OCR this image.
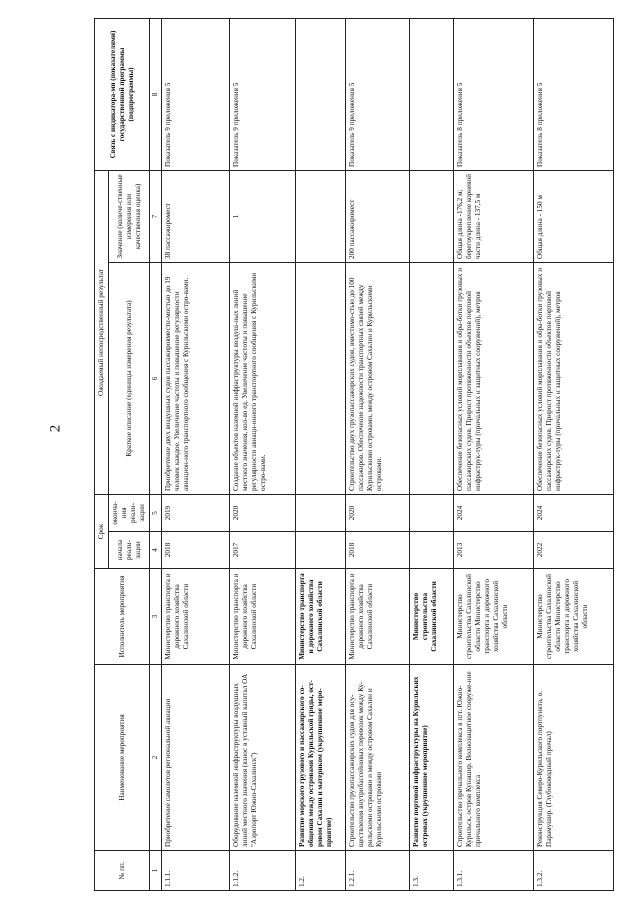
2
№ пп.	Наименование мероприятия	Исполнитель мероприятия	Срок		Ожидаемый непосредственный результат		Связь с индикатора-ми (показателями) государственной программы (подпрограммы)
			начала реали-зации	оконча-ния реали-зации	Краткое описание (единицы измерения результата)	Значение (количе-ственные измерения или качественная оценка)	
1	2	3	4	5	6	7	8
1.1.1.	Приобретение самолетов региональной авиации	Министерство транспорта и дорожного хозяйства Сахалинской области	2018	2019	Приобретение двух воздушных судов пассажировмести-мостью до 19 человек каждое. Увеличение частоты и повышение регулярности авиацион-ного транспортного сообщения с Курильскими остро-вами.	38 пассажиромест	Показатель 9 приложения 5
1.1.2.	Оборудование наземной инфраструктуры воздушных линий местного значения (взнос в уставный капитал ОА "Аэропорт Южно-Сахалинск")	Министерство транспорта и дорожного хозяйства Сахалинской области	2017	2020	Создание объектов наземной инфраструктуры воздуш-ных линий местного значения, кол-во ед. Увеличение частоты и повышение регулярности авиаци-онного транспортного сообщения с Курильскими остро-вами.	1	Показатель 9 приложения 5
1.2.	Развитие морского грузового и пассажирского со-общения между островами Курильской гряды, ост-ровом Сахалин и материком (укрупненное меро-приятие)	Министерство транспорта и дорожного хозяйства Сахалинской области					
1.2.1.	Строительство грузопассажирских судов для осу-ществления внутрибассейновых перевозок между Ку-рильскими островами и между островом Сахалин и Курильскими островами	Министерство транспорта и дорожного хозяйства Сахалинской области	2018	2020	Строительство двух грузопассажирских судов, вместимо-стью до 100 пассажиров. Обеспечение надежности транспортных связей между Курильскими островами, между островом Сахалин и Курильскими островами.	200 пассажиромест	Показатель 9 приложения 5
1.3.	Развитие портовой инфраструктуры на Курильских островах (укрупненное мероприятие)	Министерство строительства Сахалинской области					
1.3.1.	Строительство причального комплекса в пгт. Южно-Курильск, остров Кунашир. Волнозащитное сооруже-ние причального комплекса	Министерство строительства Сахалинской области Министерство транспорта и дорожного хозяйства Сахалинской области	2013	2024	Обеспечение безопасных условий морплавания и обра-ботки грузовых и пассажирских судов. Прирост протяженности объектов портовой инфраструк-туры (причальных и защитных сооружений), метров	Общая длина -176,2 м; берегоукрепление корневой части длина - 137,5 м	Показатель 8 приложения 5
1.3.2.	Реконструкция Северо-Курильского портпункта, о. Парамушир. (Глубоководный причал)	Министерство строительства Сахалинской области Министерство транспорта и дорожного хозяйства Сахалинской области	2022	2024	Обеспечение безопасных условий морплавания и обра-ботки грузовых и пассажирских судов. Прирост протяженности объектов портовой инфраструк-туры (причальных и защитных сооружений), метров	Общая длина - 150 м	Показатель 8 приложения 5
